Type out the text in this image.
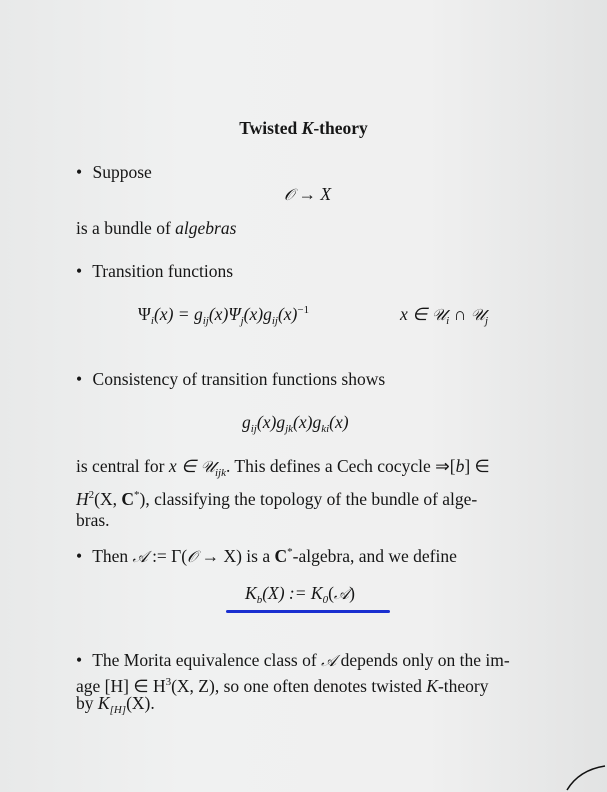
Twisted K-theory
• Suppose
𝒪 → X
is a bundle of algebras
• Transition functions
$\Psi_i(x) = g_{ij}(x)\Psi_j(x)g_{ij}(x)^{-1}$	x ∈ 𝒰$_i$ ∩ 𝒰$_j$
• Consistency of transition functions shows
$g_{ij}(x)g_{jk}(x)g_{ki}(x)$
is central for x ∈ 𝒰$_{ijk}$. This defines a Cech cocycle ⇒[b] ∈
$H^2(X$, C*), classifying the topology of the bundle of alge-
bras.
• Then 𝒜 := Γ(𝒪 → X) is a C*-algebra, and we define
$K_b(X)$ := $K_0(𝒜)$
• The Morita equivalence class of 𝒜 depends only on the im-
age [H] ∈ $H^3(X$, Z), so one often denotes twisted K-theory
by $K_{[H]}(X)$.
